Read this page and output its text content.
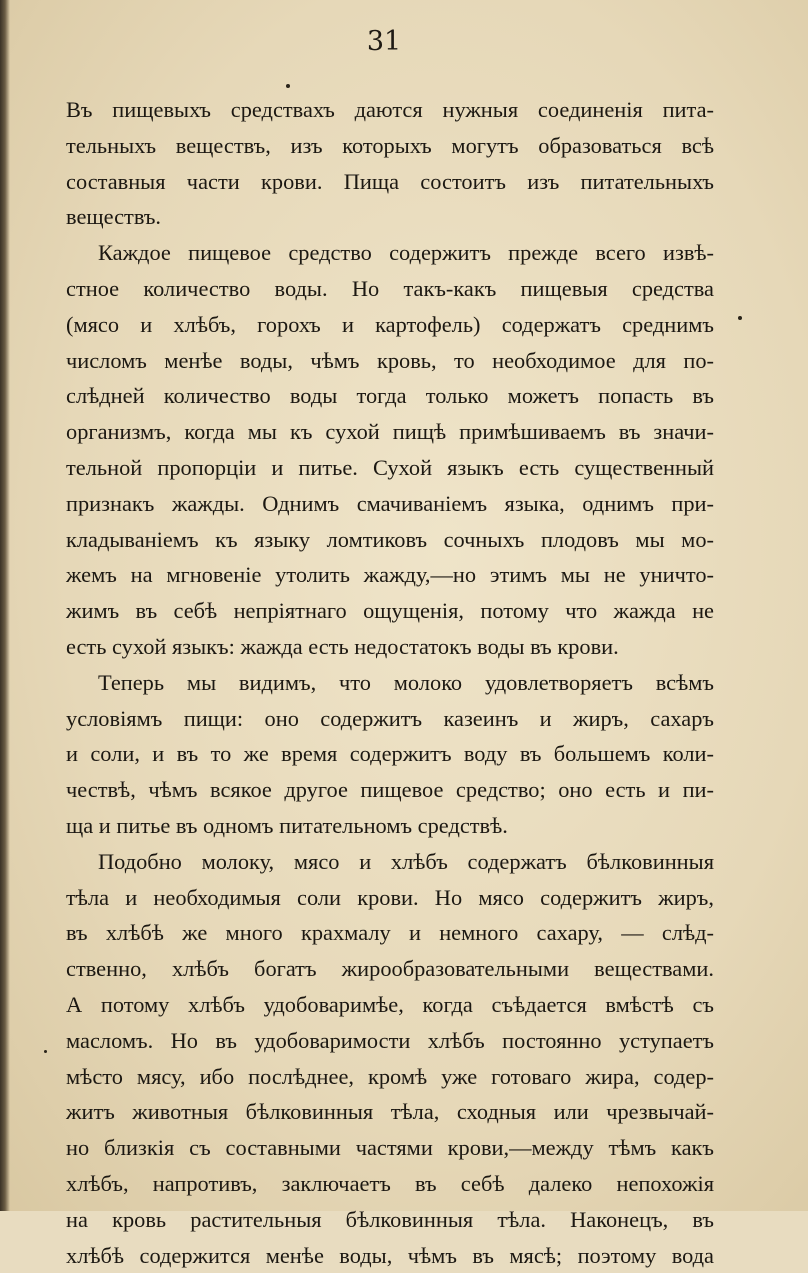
31
Въ пищевыхъ средствахъ даются нужныя соединенія пита-
тельныхъ веществъ, изъ которыхъ могутъ образоваться всѣ
составныя части крови. Пища состоитъ изъ питательныхъ
веществъ.
Каждое пищевое средство содержитъ прежде всего извѣ-
стное количество воды. Но такъ-какъ пищевыя средства
(мясо и хлѣбъ, горохъ и картофель) содержатъ среднимъ
числомъ менѣе воды, чѣмъ кровь, то необходимое для по-
слѣдней количество воды тогда только можетъ попасть въ
организмъ, когда мы къ сухой пищѣ примѣшиваемъ въ значи-
тельной пропорціи и питье. Сухой языкъ есть существенный
признакъ жажды. Однимъ смачиваніемъ языка, однимъ при-
кладываніемъ къ языку ломтиковъ сочныхъ плодовъ мы мо-
жемъ на мгновеніе утолить жажду,—но этимъ мы не уничто-
жимъ въ себѣ непріятнаго ощущенія, потому что жажда не
есть сухой языкъ: жажда есть недостатокъ воды въ крови.
Теперь мы видимъ, что молоко удовлетворяетъ всѣмъ
условіямъ пищи: оно содержитъ казеинъ и жиръ, сахаръ
и соли, и въ то же время содержитъ воду въ большемъ коли-
чествѣ, чѣмъ всякое другое пищевое средство; оно есть и пи-
ща и питье въ одномъ питательномъ средствѣ.
Подобно молоку, мясо и хлѣбъ содержатъ бѣлковинныя
тѣла и необходимыя соли крови. Но мясо содержитъ жиръ,
въ хлѣбѣ же много крахмалу и немного сахару, — слѣд-
ственно, хлѣбъ богатъ жирообразовательными веществами.
А потому хлѣбъ удобоваримѣе, когда съѣдается вмѣстѣ съ
масломъ. Но въ удобоваримости хлѣбъ постоянно уступаетъ
мѣсто мясу, ибо послѣднее, кромѣ уже готоваго жира, содер-
житъ животныя бѣлковинныя тѣла, сходныя или чрезвычай-
но близкія съ составными частями крови,—между тѣмъ какъ
хлѣбъ, напротивъ, заключаетъ въ себѣ далеко непохожія
на кровь растительныя бѣлковинныя тѣла. Наконецъ, въ
хлѣбѣ содержится менѣе воды, чѣмъ въ мясѣ; поэтому вода
